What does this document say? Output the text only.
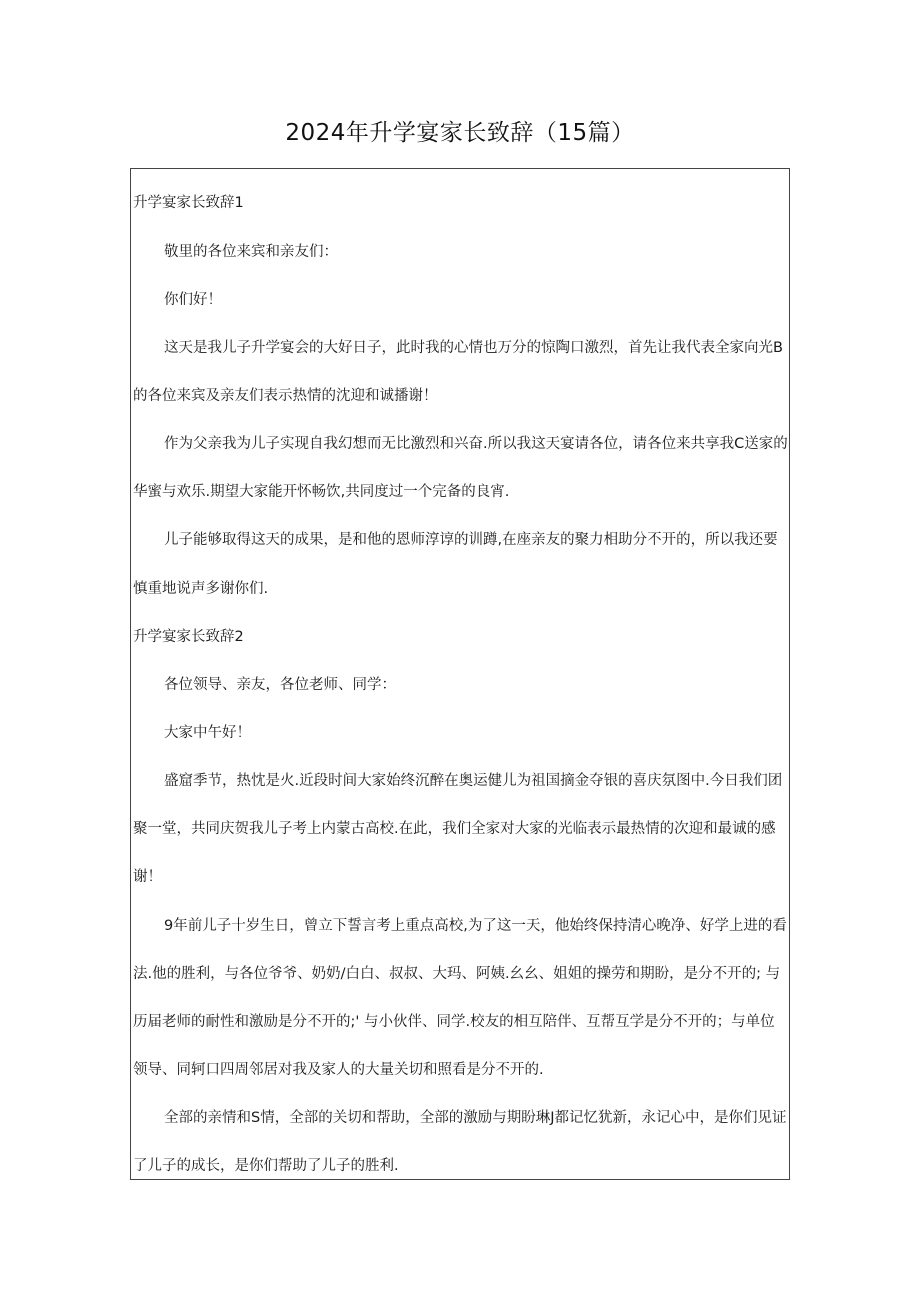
2024年升学宴家长致辞（15篇）
升学宴家长致辞1
敬里的各位来宾和亲友们：
你们好！
这天是我儿子升学宴会的大好日子，此时我的心情也万分的惊陶口激烈，首先让我代表全家向光B
的各位来宾及亲友们表示热情的沈迎和诚播谢！
作为父亲我为儿子实现自我幻想而无比激烈和兴奋.所以我这天宴请各位，请各位来共享我C送家的
华蜜与欢乐.期望大家能开怀畅饮,共同度过一个完备的良宵.
儿子能够取得这天的成果，是和他的恩师淳谆的训蹲,在座亲友的聚力相助分不开的，所以我还要
慎重地说声多谢你们.
升学宴家长致辞2
各位领导、亲友，各位老师、同学：
大家中午好！
盛窟季节，热忱是火.近段时间大家始终沉醉在奥运健儿为祖国摘金夺银的喜庆氛图中.今日我们团
聚一堂，共同庆贺我儿子考上内蒙古高校.在此，我们全家对大家的光临表示最热情的次迎和最诚的感
谢！
9年前儿子十岁生日，曾立下誓言考上重点高校,为了这一天，他始终保持清心晚净、好学上进的看
法.他的胜利，与各位爷爷、奶奶/白白、叔叔、大玛、阿姨.幺幺、姐姐的操劳和期盼，是分不开的; 与
历届老师的耐性和激励是分不开的;' 与小伙伴、同学.校友的相互陪伴、互帮互学是分不开的；与单位
领导、同轲口四周邻居对我及家人的大量关切和照看是分不开的.
全部的亲情和S情，全部的关切和帮助，全部的激励与期盼琳J都记忆犹新，永记心中，是你们见证
了儿子的成长，是你们帮助了儿子的胜利.
